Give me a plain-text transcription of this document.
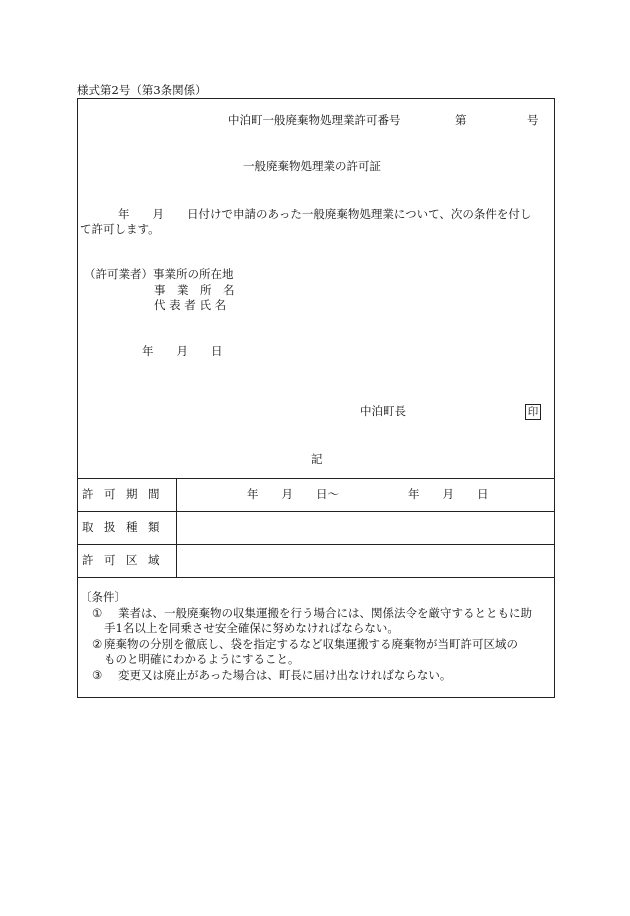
様式第2号（第3条関係）
中泊町一般廃棄物処理業許可番号	第	号
一般廃棄物処理業の許可証
年　　月　　日付けで申請のあった一般廃棄物処理業について、次の条件を付し
て許可します。
（許可業者）事業所の所在地
事　業　所　名
代 表 者 氏 名
年　　月　　日
中泊町長	印
記
許可期間	年　　月　　日～　　　　　　年　　月　　日
取扱種類
許可区域
〔条件〕
① 業者は、一般廃棄物の収集運搬を行う場合には、関係法令を厳守するとともに助
手1名以上を同乗させ安全確保に努めなければならない。
② 廃棄物の分別を徹底し、袋を指定するなど収集運搬する廃棄物が当町許可区域の
ものと明確にわかるようにすること。
③ 変更又は廃止があった場合は、町長に届け出なければならない。
